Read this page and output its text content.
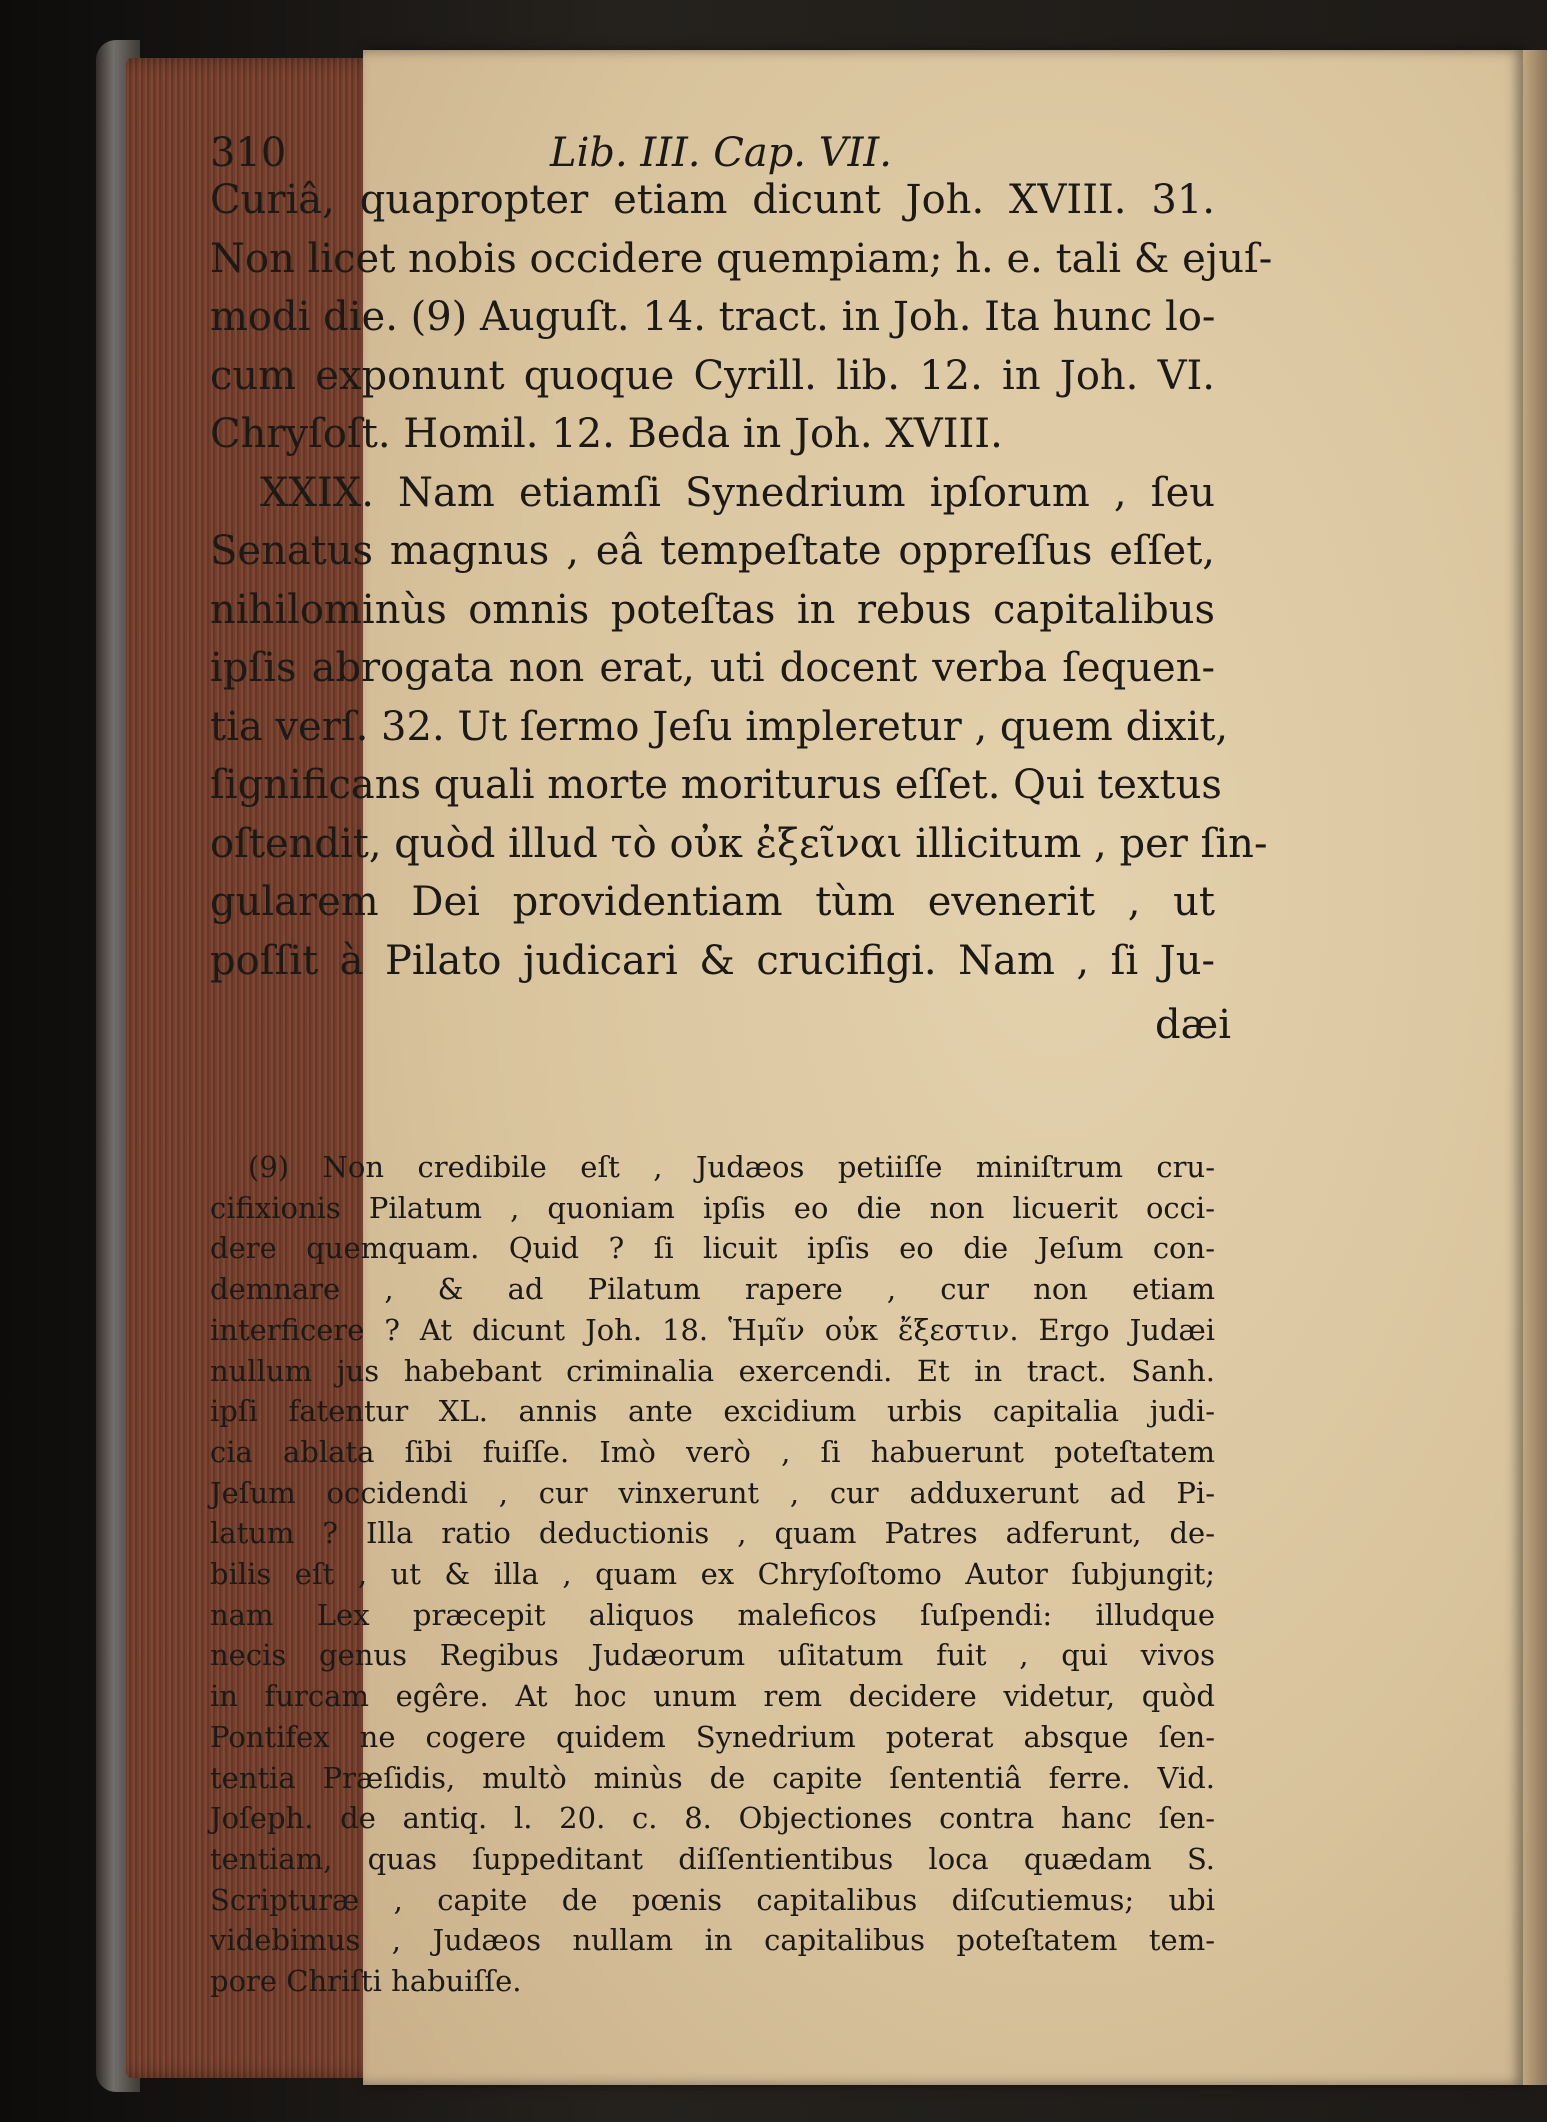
310	Lib. III. Cap. VII.
Curiâ, quapropter etiam dicunt Joh. XVIII. 31.
Non licet nobis occidere quempiam; h. e. tali & ejuſ-
modi die. (9) Auguſt. 14. tract. in Joh. Ita hunc lo-
cum exponunt quoque Cyrill. lib. 12. in Joh. VI.
Chryſoſt. Homil. 12. Beda in Joh. XVIII.
XXIX. Nam etiamſi Synedrium ipſorum , ſeu
Senatus magnus , eâ tempeſtate oppreſſus eſſet,
nihilominùs omnis poteſtas in rebus capitalibus
ipſis abrogata non erat, uti docent verba ſequen-
tia verſ. 32. Ut ſermo Jeſu impleretur , quem dixit,
ſignificans quali morte moriturus eſſet. Qui textus
oſtendit, quòd illud τὸ οὐκ ἐξεῖναι illicitum , per ſin-
gularem Dei providentiam tùm evenerit , ut
poſſit à Pilato judicari & crucifigi. Nam , ſi Ju-
dæi
(9) Non credibile eſt , Judæos petiiſſe miniſtrum cru-
cifixionis Pilatum , quoniam ipſis eo die non licuerit occi-
dere quemquam. Quid ? ſi licuit ipſis eo die Jeſum con-
demnare , & ad Pilatum rapere , cur non etiam
interficere ? At dicunt Joh. 18. Ἡμῖν οὐκ ἔξεστιν. Ergo Judæi
nullum jus habebant criminalia exercendi. Et in tract. Sanh.
ipſi fatentur XL. annis ante excidium urbis capitalia judi-
cia ablata ſibi fuiſſe. Imò verò , ſi habuerunt poteſtatem
Jeſum occidendi , cur vinxerunt , cur adduxerunt ad Pi-
latum ? Illa ratio deductionis , quam Patres adferunt, de-
bilis eſt , ut & illa , quam ex Chryſoſtomo Autor ſubjungit;
nam Lex præcepit aliquos maleficos ſuſpendi: illudque
necis genus Regibus Judæorum uſitatum fuit , qui vivos
in furcam egêre. At hoc unum rem decidere videtur, quòd
Pontifex ne cogere quidem Synedrium poterat absque ſen-
tentia Præſidis, multò minùs de capite ſententiâ ferre. Vid.
Joſeph. de antiq. l. 20. c. 8. Objectiones contra hanc ſen-
tentiam, quas ſuppeditant diſſentientibus loca quædam S.
Scripturæ , capite de pœnis capitalibus diſcutiemus; ubi
videbimus , Judæos nullam in capitalibus poteſtatem tem-
pore Chriſti habuiſſe.
